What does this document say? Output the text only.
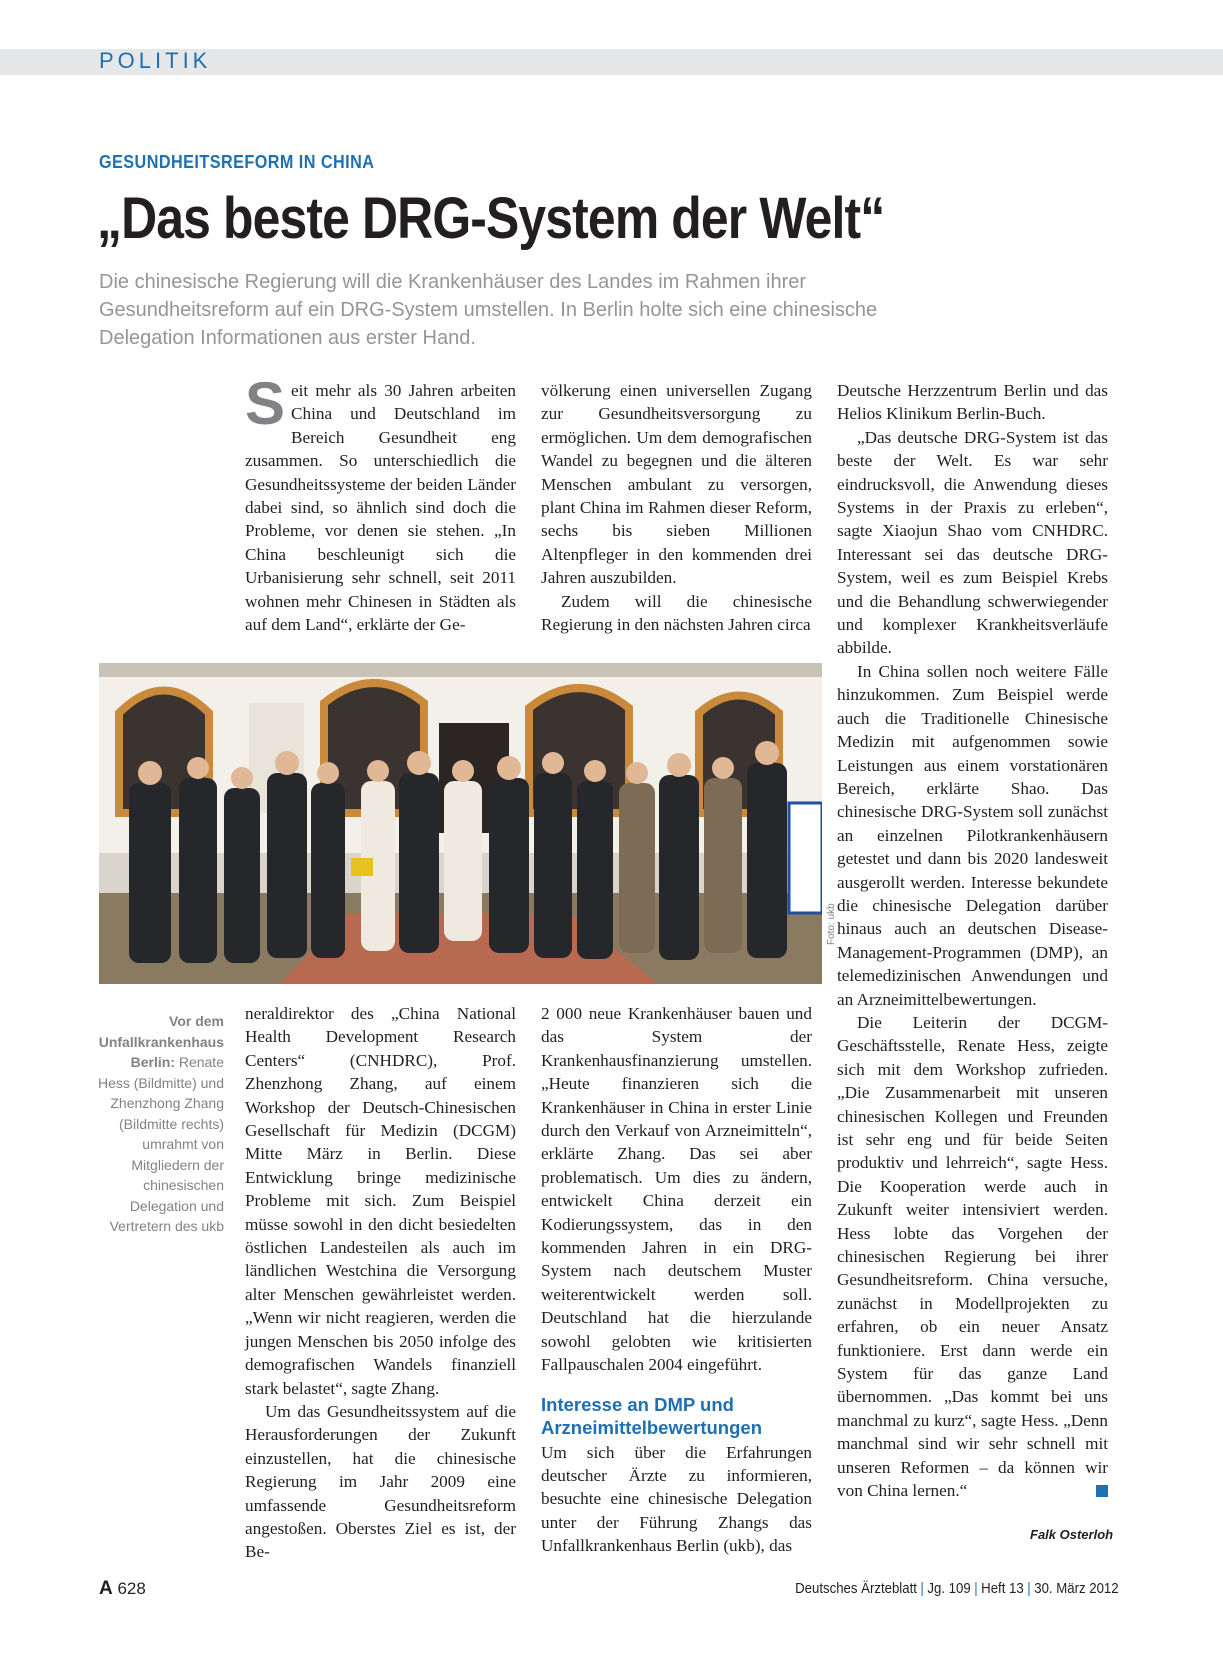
POLITIK
GESUNDHEITSREFORM IN CHINA
„Das beste DRG-System der Welt“
Die chinesische Regierung will die Krankenhäuser des Landes im Rahmen ihrer Gesundheitsreform auf ein DRG-System umstellen. In Berlin holte sich eine chinesische Delegation Informationen aus erster Hand.

Seit mehr als 30 Jahren arbeiten China und Deutschland im Bereich Gesundheit eng zusammen. So unterschiedlich die Gesundheitssysteme der beiden Länder dabei sind, so ähnlich sind doch die Probleme, vor denen sie stehen. „In China beschleunigt sich die Urbanisierung sehr schnell, seit 2011 wohnen mehr Chinesen in Städten als auf dem Land“, erklärte der Ge-

völkerung einen universellen Zugang zur Gesundheitsversorgung zu ermöglichen. Um dem demografischen Wandel zu begegnen und die älteren Menschen ambulant zu versorgen, plant China im Rahmen dieser Reform, sechs bis sieben Millionen Altenpfleger in den kommenden drei Jahren auszubilden.

Zudem will die chinesische Regierung in den nächsten Jahren circa

Deutsche Herzzentrum Berlin und das Helios Klinikum Berlin-Buch.

„Das deutsche DRG-System ist das beste der Welt. Es war sehr eindrucksvoll, die Anwendung dieses Systems in der Praxis zu erleben“, sagte Xiaojun Shao vom CNHDRC. Interessant sei das deutsche DRG-System, weil es zum Beispiel Krebs und die Behandlung schwerwiegender und komplexer Krankheitsverläufe abbilde.

In China sollen noch weitere Fälle hinzukommen. Zum Beispiel werde auch die Traditionelle Chinesische Medizin mit aufgenommen sowie Leistungen aus einem vorstationären Bereich, erklärte Shao. Das chinesische DRG-System soll zunächst an einzelnen Pilotkrankenhäusern getestet und dann bis 2020 landesweit ausgerollt werden. Interesse bekundete die chinesische Delegation darüber hinaus auch an deutschen Disease-Management-Programmen (DMP), an telemedizinischen Anwendungen und an Arzneimittelbewertungen.

Die Leiterin der DCGM-Geschäftsstelle, Renate Hess, zeigte sich mit dem Workshop zufrieden. „Die Zusammenarbeit mit unseren chinesischen Kollegen und Freunden ist sehr eng und für beide Seiten produktiv und lehrreich“, sagte Hess. Die Kooperation werde auch in Zukunft weiter intensiviert werden. Hess lobte das Vorgehen der chinesischen Regierung bei ihrer Gesundheitsreform. China versuche, zunächst in Modellprojekten zu erfahren, ob ein neuer Ansatz funktioniere. Erst dann werde ein System für das ganze Land übernommen. „Das kommt bei uns manchmal zu kurz“, sagte Hess. „Denn manchmal sind wir sehr schnell mit unseren Reformen – da können wir von China lernen.“

Falk Osterloh
Foto: ukb
Vor dem Unfallkrankenhaus Berlin: Renate Hess (Bildmitte) und Zhenzhong Zhang (Bildmitte rechts) umrahmt von Mitgliedern der chinesischen Delegation und Vertretern des ukb

neraldirektor des „China National Health Development Research Centers“ (CNHDRC), Prof. Zhenzhong Zhang, auf einem Workshop der Deutsch-Chinesischen Gesellschaft für Medizin (DCGM) Mitte März in Berlin. Diese Entwicklung bringe medizinische Probleme mit sich. Zum Beispiel müsse sowohl in den dicht besiedelten östlichen Landesteilen als auch im ländlichen Westchina die Versorgung alter Menschen gewährleistet werden. „Wenn wir nicht reagieren, werden die jungen Menschen bis 2050 infolge des demografischen Wandels finanziell stark belastet“, sagte Zhang.

Um das Gesundheitssystem auf die Herausforderungen der Zukunft einzustellen, hat die chinesische Regierung im Jahr 2009 eine umfassende Gesundheitsreform angestoßen. Oberstes Ziel es ist, der Be-

2 000 neue Krankenhäuser bauen und das System der Krankenhausfinanzierung umstellen. „Heute finanzieren sich die Krankenhäuser in China in erster Linie durch den Verkauf von Arzneimitteln“, erklärte Zhang. Das sei aber problematisch. Um dies zu ändern, entwickelt China derzeit ein Kodierungssystem, das in den kommenden Jahren in ein DRG-System nach deutschem Muster weiterentwickelt werden soll. Deutschland hat die hierzulande sowohl gelobten wie kritisierten Fallpauschalen 2004 eingeführt.

Interesse an DMP und Arzneimittelbewertungen

Um sich über die Erfahrungen deutscher Ärzte zu informieren, besuchte eine chinesische Delegation unter der Führung Zhangs das Unfallkrankenhaus Berlin (ukb), das

A 628	Deutsches Ärzteblatt | Jg. 109 | Heft 13 | 30. März 2012
